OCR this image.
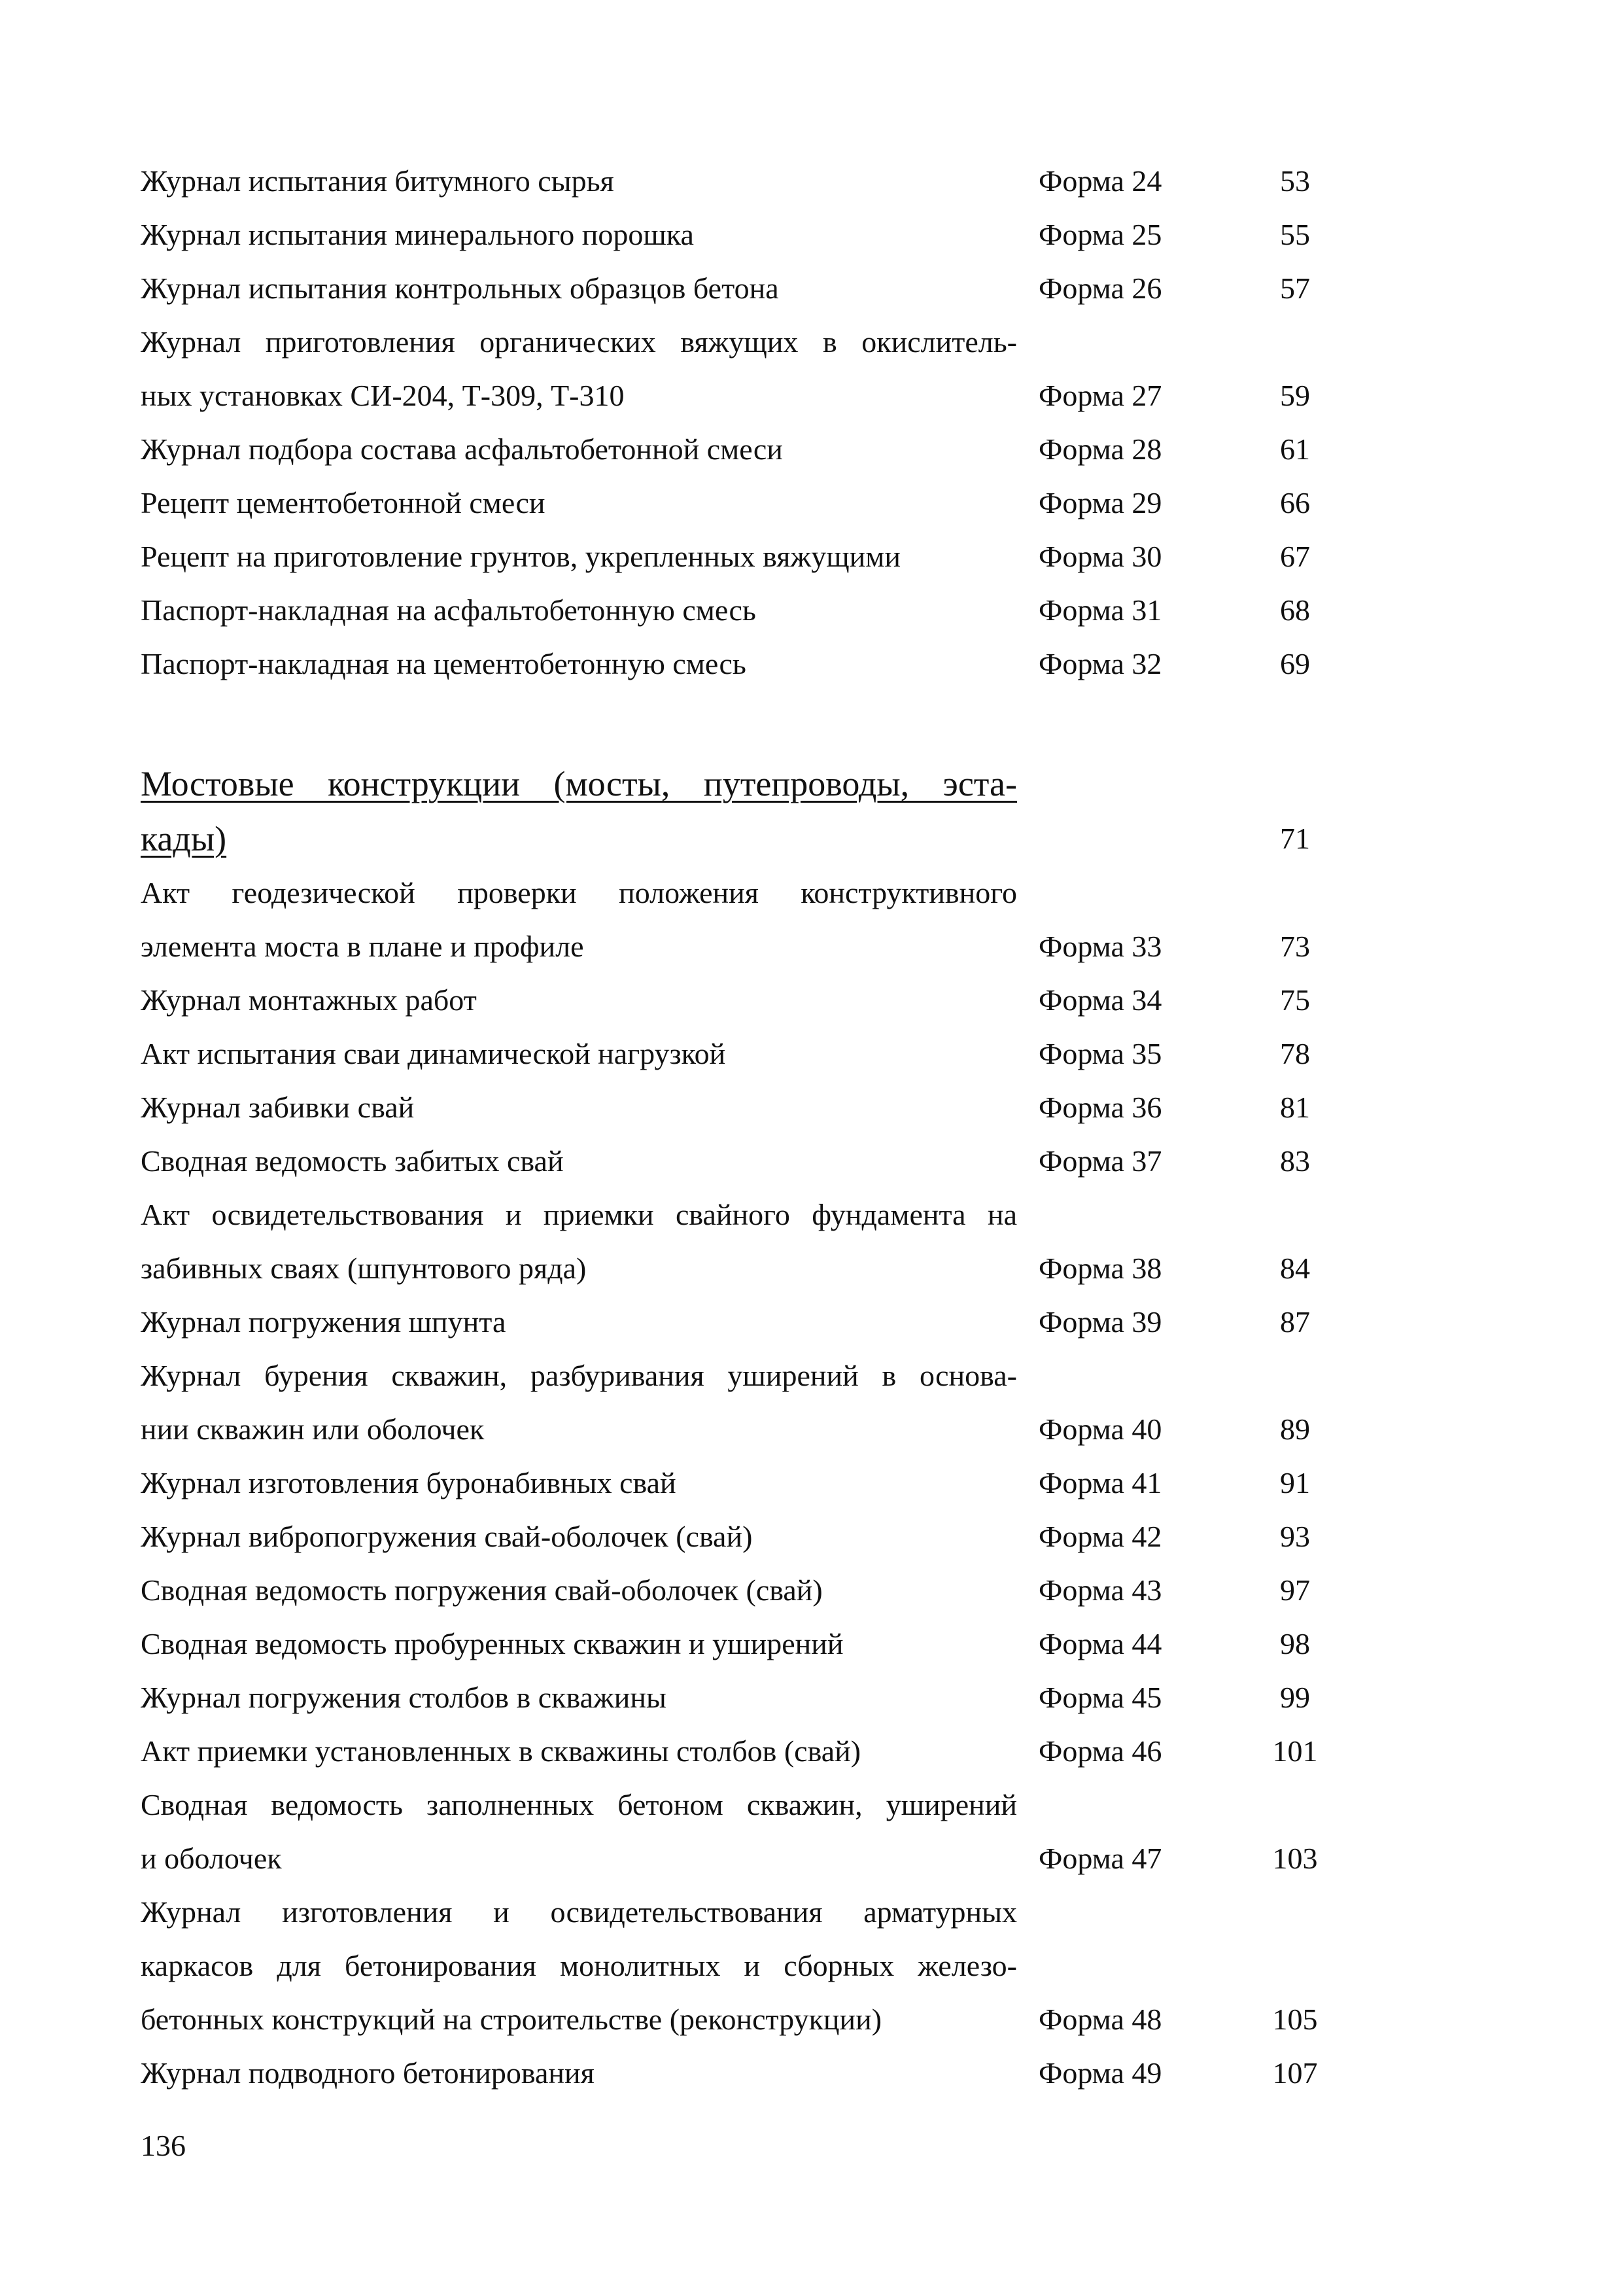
Журнал испытания битумного сырья	Форма 24	53
Журнал испытания минерального порошка	Форма 25	55
Журнал испытания контрольных образцов бетона	Форма 26	57
Журнал приготовления органических вяжущих в окислитель-
ных установках СИ-204, Т-309, Т-310	Форма 27	59
Журнал подбора состава асфальтобетонной смеси	Форма 28	61
Рецепт цементобетонной смеси	Форма 29	66
Рецепт на приготовление грунтов, укрепленных вяжущими	Форма 30	67
Паспорт-накладная на асфальтобетонную смесь	Форма 31	68
Паспорт-накладная на цементобетонную смесь	Форма 32	69
Мостовые конструкции (мосты, путепроводы, эста-
кады)	71
Акт геодезической проверки положения конструктивного
элемента моста в плане и профиле	Форма 33	73
Журнал монтажных работ	Форма 34	75
Акт испытания сваи динамической нагрузкой	Форма 35	78
Журнал забивки свай	Форма 36	81
Сводная ведомость забитых свай	Форма 37	83
Акт освидетельствования и приемки свайного фундамента на
забивных сваях (шпунтового ряда)	Форма 38	84
Журнал погружения шпунта	Форма 39	87
Журнал бурения скважин, разбуривания уширений в основа-
нии скважин или оболочек	Форма 40	89
Журнал изготовления буронабивных свай	Форма 41	91
Журнал вибропогружения свай-оболочек (свай)	Форма 42	93
Сводная ведомость погружения свай-оболочек (свай)	Форма 43	97
Сводная ведомость пробуренных скважин и уширений	Форма 44	98
Журнал погружения столбов в скважины	Форма 45	99
Акт приемки установленных в скважины столбов (свай)	Форма 46	101
Сводная ведомость заполненных бетоном скважин, уширений
и оболочек	Форма 47	103
Журнал изготовления и освидетельствования арматурных
каркасов для бетонирования монолитных и сборных железо-
бетонных конструкций на строительстве (реконструкции)	Форма 48	105
Журнал подводного бетонирования	Форма 49	107
136
